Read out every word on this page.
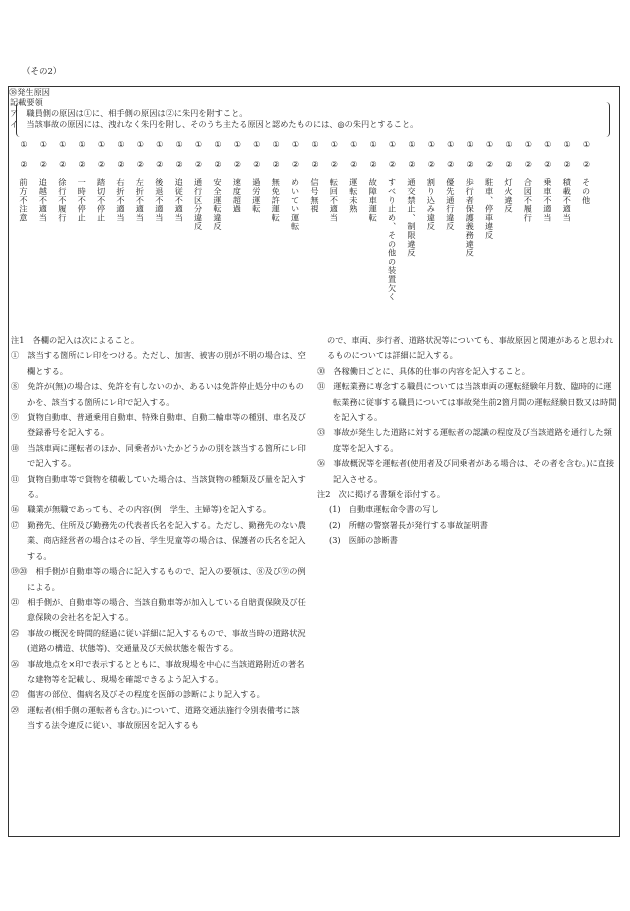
（その2）
㊳発生原因
記載要領
ア　職員側の原因は①に、相手側の原因は②に朱円を附すこと。
イ　当該事故の原因には、洩れなく朱円を附し、そのうち主たる原因と認めたものには、◎の朱円とすること。
①
②
前方不注意
①
②
追越不適当
①
②
徐行不履行
①
②
一時不停止
①
②
踏切不停止
①
②
右折不適当
①
②
左折不適当
①
②
後退不適当
①
②
追従不適当
①
②
通行区分違反
①
②
安全運転違反
①
②
速度超過
①
②
過労運転
①
②
無免許運転
①
②
めいてい運転
①
②
信号無視
①
②
転回不適当
①
②
運転未熟
①
②
故障車運転
①
②
すべり止め、その他の装置欠く
①
②
通交禁止、制限違反
①
②
割り込み違反
①
②
優先通行違反
①
②
歩行者保護義務違反
①
②
駐車、停車違反
①
②
灯火違反
①
②
合図不履行
①
②
乗車不適当
①
②
積載不適当
①
②
その他

注1　各欄の記入は次によること。

①　該当する箇所にレ印をつける。ただし、加害、被害の別が不明の場合は、空欄とする。

⑧　免許が(無)の場合は、免許を有しないのか、あるいは免許停止処分中のものかを、該当する箇所にレ印で記入する。

⑨　貨物自動車、普通乗用自動車、特殊自動車、自動二輪車等の種別、車名及び登録番号を記入する。

⑩　当該車両に運転者のほか、同乗者がいたかどうかの別を該当する箇所にレ印で記入する。

⑪　貨物自動車等で貨物を積載していた場合は、当該貨物の種類及び量を記入する。

⑯　職業が無職であっても、その内容(例　学生、主婦等)を記入する。

⑰　勤務先、住所及び勤務先の代表者氏名を記入する。ただし、勤務先のない農業、商店経営者の場合はその旨、学生児童等の場合は、保護者の氏名を記入する。

⑲⑳　相手側が自動車等の場合に記入するもので、記入の要領は、⑧及び⑨の例による。

㉑　相手側が、自動車等の場合、当該自動車等が加入している自賠責保険及び任意保険の会社名を記入する。

㉕　事故の概況を時間的経過に従い詳細に記入するもので、事故当時の道路状況(道路の構造、状態等)、交通量及び天候状態を報告する。

㉖　事故地点を×印で表示するとともに、事故現場を中心に当該道路附近の著名な建物等を記載し、現場を確認できるよう記入する。

㉗　傷害の部位、傷病名及びその程度を医師の診断により記入する。

㉙　運転者(相手側の運転者も含む。)について、道路交通法施行令別表備考に該当する法令違反に従い、事故原因を記入するも

ので、車両、歩行者、道路状況等についても、事故原因と関連があると思われるものについては詳細に記入する。

㉚　各稼働日ごとに、具体的仕事の内容を記入すること。

㉛　運転業務に専念する職員については当該車両の運転経験年月数、臨時的に運転業務に従事する職員については事故発生前2箇月間の運転経験日数又は時間を記入する。

㉝　事故が発生した道路に対する運転者の認識の程度及び当該道路を通行した頻度等を記入する。

㊱　事故概況等を運転者(使用者及び同乗者がある場合は、その者を含む。)に直接記入させる。

注2　次に掲げる書類を添付する。

(1)　自動車運転命令書の写し

(2)　所轄の警察署長が発行する事故証明書

(3)　医師の診断書
